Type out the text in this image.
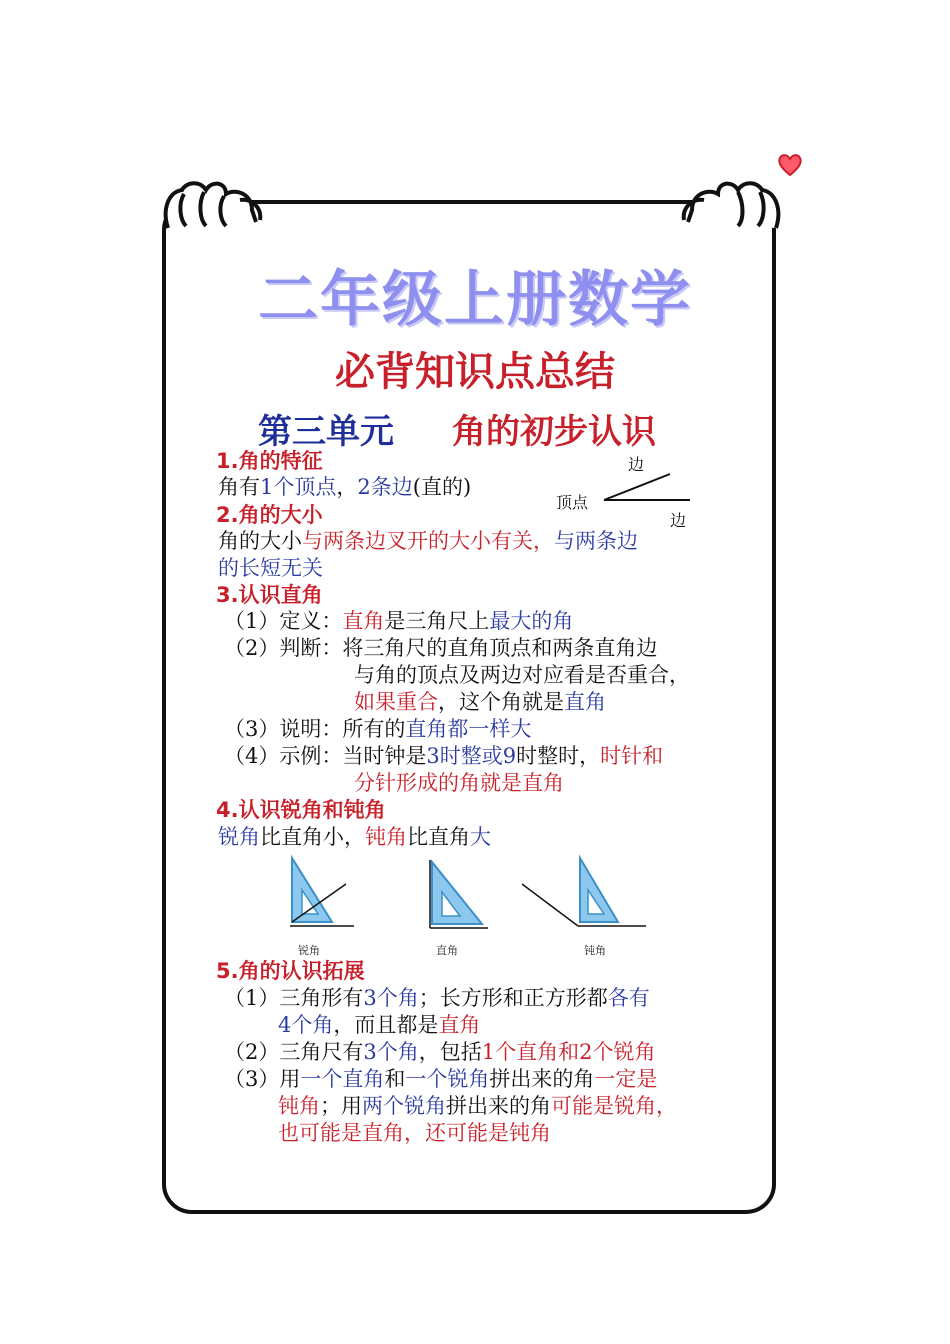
二年级上册数学
必背知识点总结
第三单元 角的初步认识
1.角的特征
角有1个顶点，2条边(直的)
顶点
边
边
2.角的大小
角的大小与两条边叉开的大小有关，与两条边
的长短无关
3.认识直角
（1）定义：直角是三角尺上最大的角
（2）判断：将三角尺的直角顶点和两条直角边
与角的顶点及两边对应看是否重合，
如果重合，这个角就是直角
（3）说明：所有的直角都一样大
（4）示例：当时钟是3时整或9时整时，时针和
分针形成的角就是直角
4.认识锐角和钝角
锐角比直角小，钝角比直角大
锐角	直角	钝角
5.角的认识拓展
（1）三角形有3个角；长方形和正方形都各有
4个角，而且都是直角
（2）三角尺有3个角，包括1个直角和2个锐角
（3）用一个直角和一个锐角拼出来的角一定是
钝角；用两个锐角拼出来的角可能是锐角，
也可能是直角，还可能是钝角
